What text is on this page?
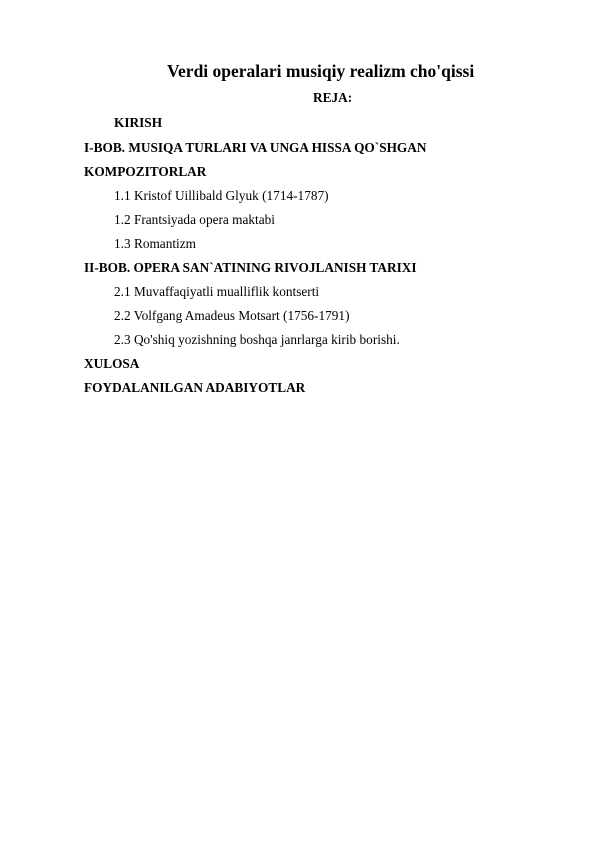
Verdi operalari musiqiy realizm cho'qissi
REJA:
KIRISH
I-BOB. MUSIQA TURLARI VA UNGA HISSA QO`SHGAN
KOMPOZITORLAR
1.1 Kristof Uillibald Glyuk (1714-1787)
1.2 Frantsiyada opera maktabi
1.3 Romantizm
II-BOB. OPERA SAN`ATINING RIVOJLANISH TARIXI
2.1 Muvaffaqiyatli mualliflik kontserti
2.2 Volfgang Amadeus Motsart (1756-1791)
2.3 Qo'shiq yozishning boshqa janrlarga kirib borishi.
XULOSA
FOYDALANILGAN ADABIYOTLAR
